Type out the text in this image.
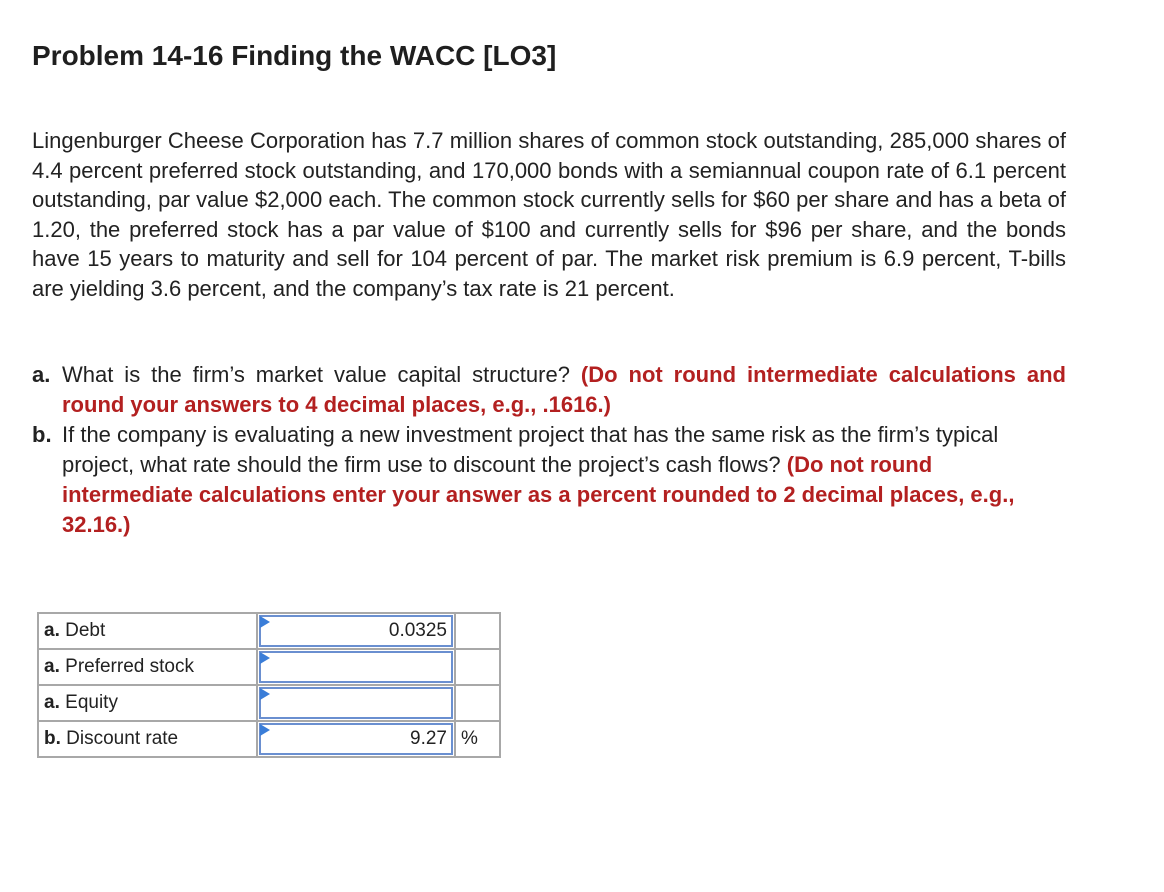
Problem 14-16 Finding the WACC [LO3]

Lingenburger Cheese Corporation has 7.7 million shares of common stock outstanding, 285,000 shares of 4.4 percent preferred stock outstanding, and 170,000 bonds with a semiannual coupon rate of 6.1 percent outstanding, par value $2,000 each. The common stock currently sells for $60 per share and has a beta of 1.20, the preferred stock has a par value of $100 and currently sells for $96 per share, and the bonds have 15 years to maturity and sell for 104 percent of par. The market risk premium is 6.9 percent, T-bills are yielding 3.6 percent, and the company’s tax rate is 21 percent.

a. What is the firm’s market value capital structure? (Do not round intermediate calculations and round your answers to 4 decimal places, e.g., .1616.)
b. If the company is evaluating a new investment project that has the same risk as the firm’s typical project, what rate should the firm use to discount the project’s cash flows? (Do not round intermediate calculations enter your answer as a percent rounded to 2 decimal places, e.g., 32.16.)
a. Debt	0.0325	

a. Preferred stock	

a. Equity	

b. Discount rate	9.27	%
